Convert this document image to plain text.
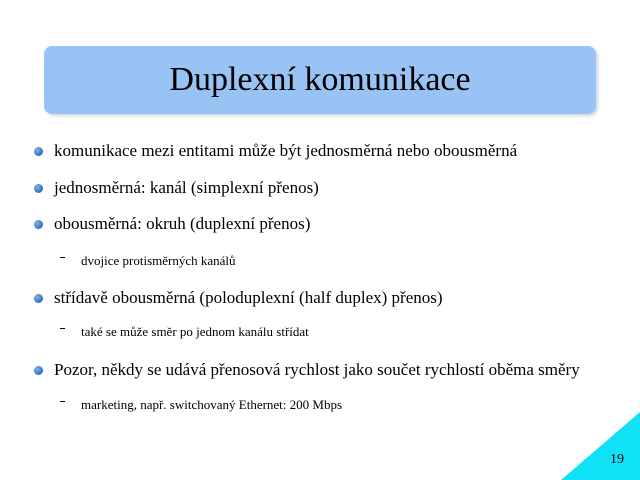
Duplexní komunikace
komunikace mezi entitami může být jednosměrná nebo obousměrná
jednosměrná: kanál (simplexní přenos)
obousměrná: okruh (duplexní přenos)
dvojice protisměrných kanálů
střídavě obousměrná (poloduplexní (half duplex) přenos)
také se může směr po jednom kanálu střídat
Pozor, někdy se udává přenosová rychlost jako součet rychlostí oběma směry
marketing, např. switchovaný Ethernet: 200 Mbps
19
